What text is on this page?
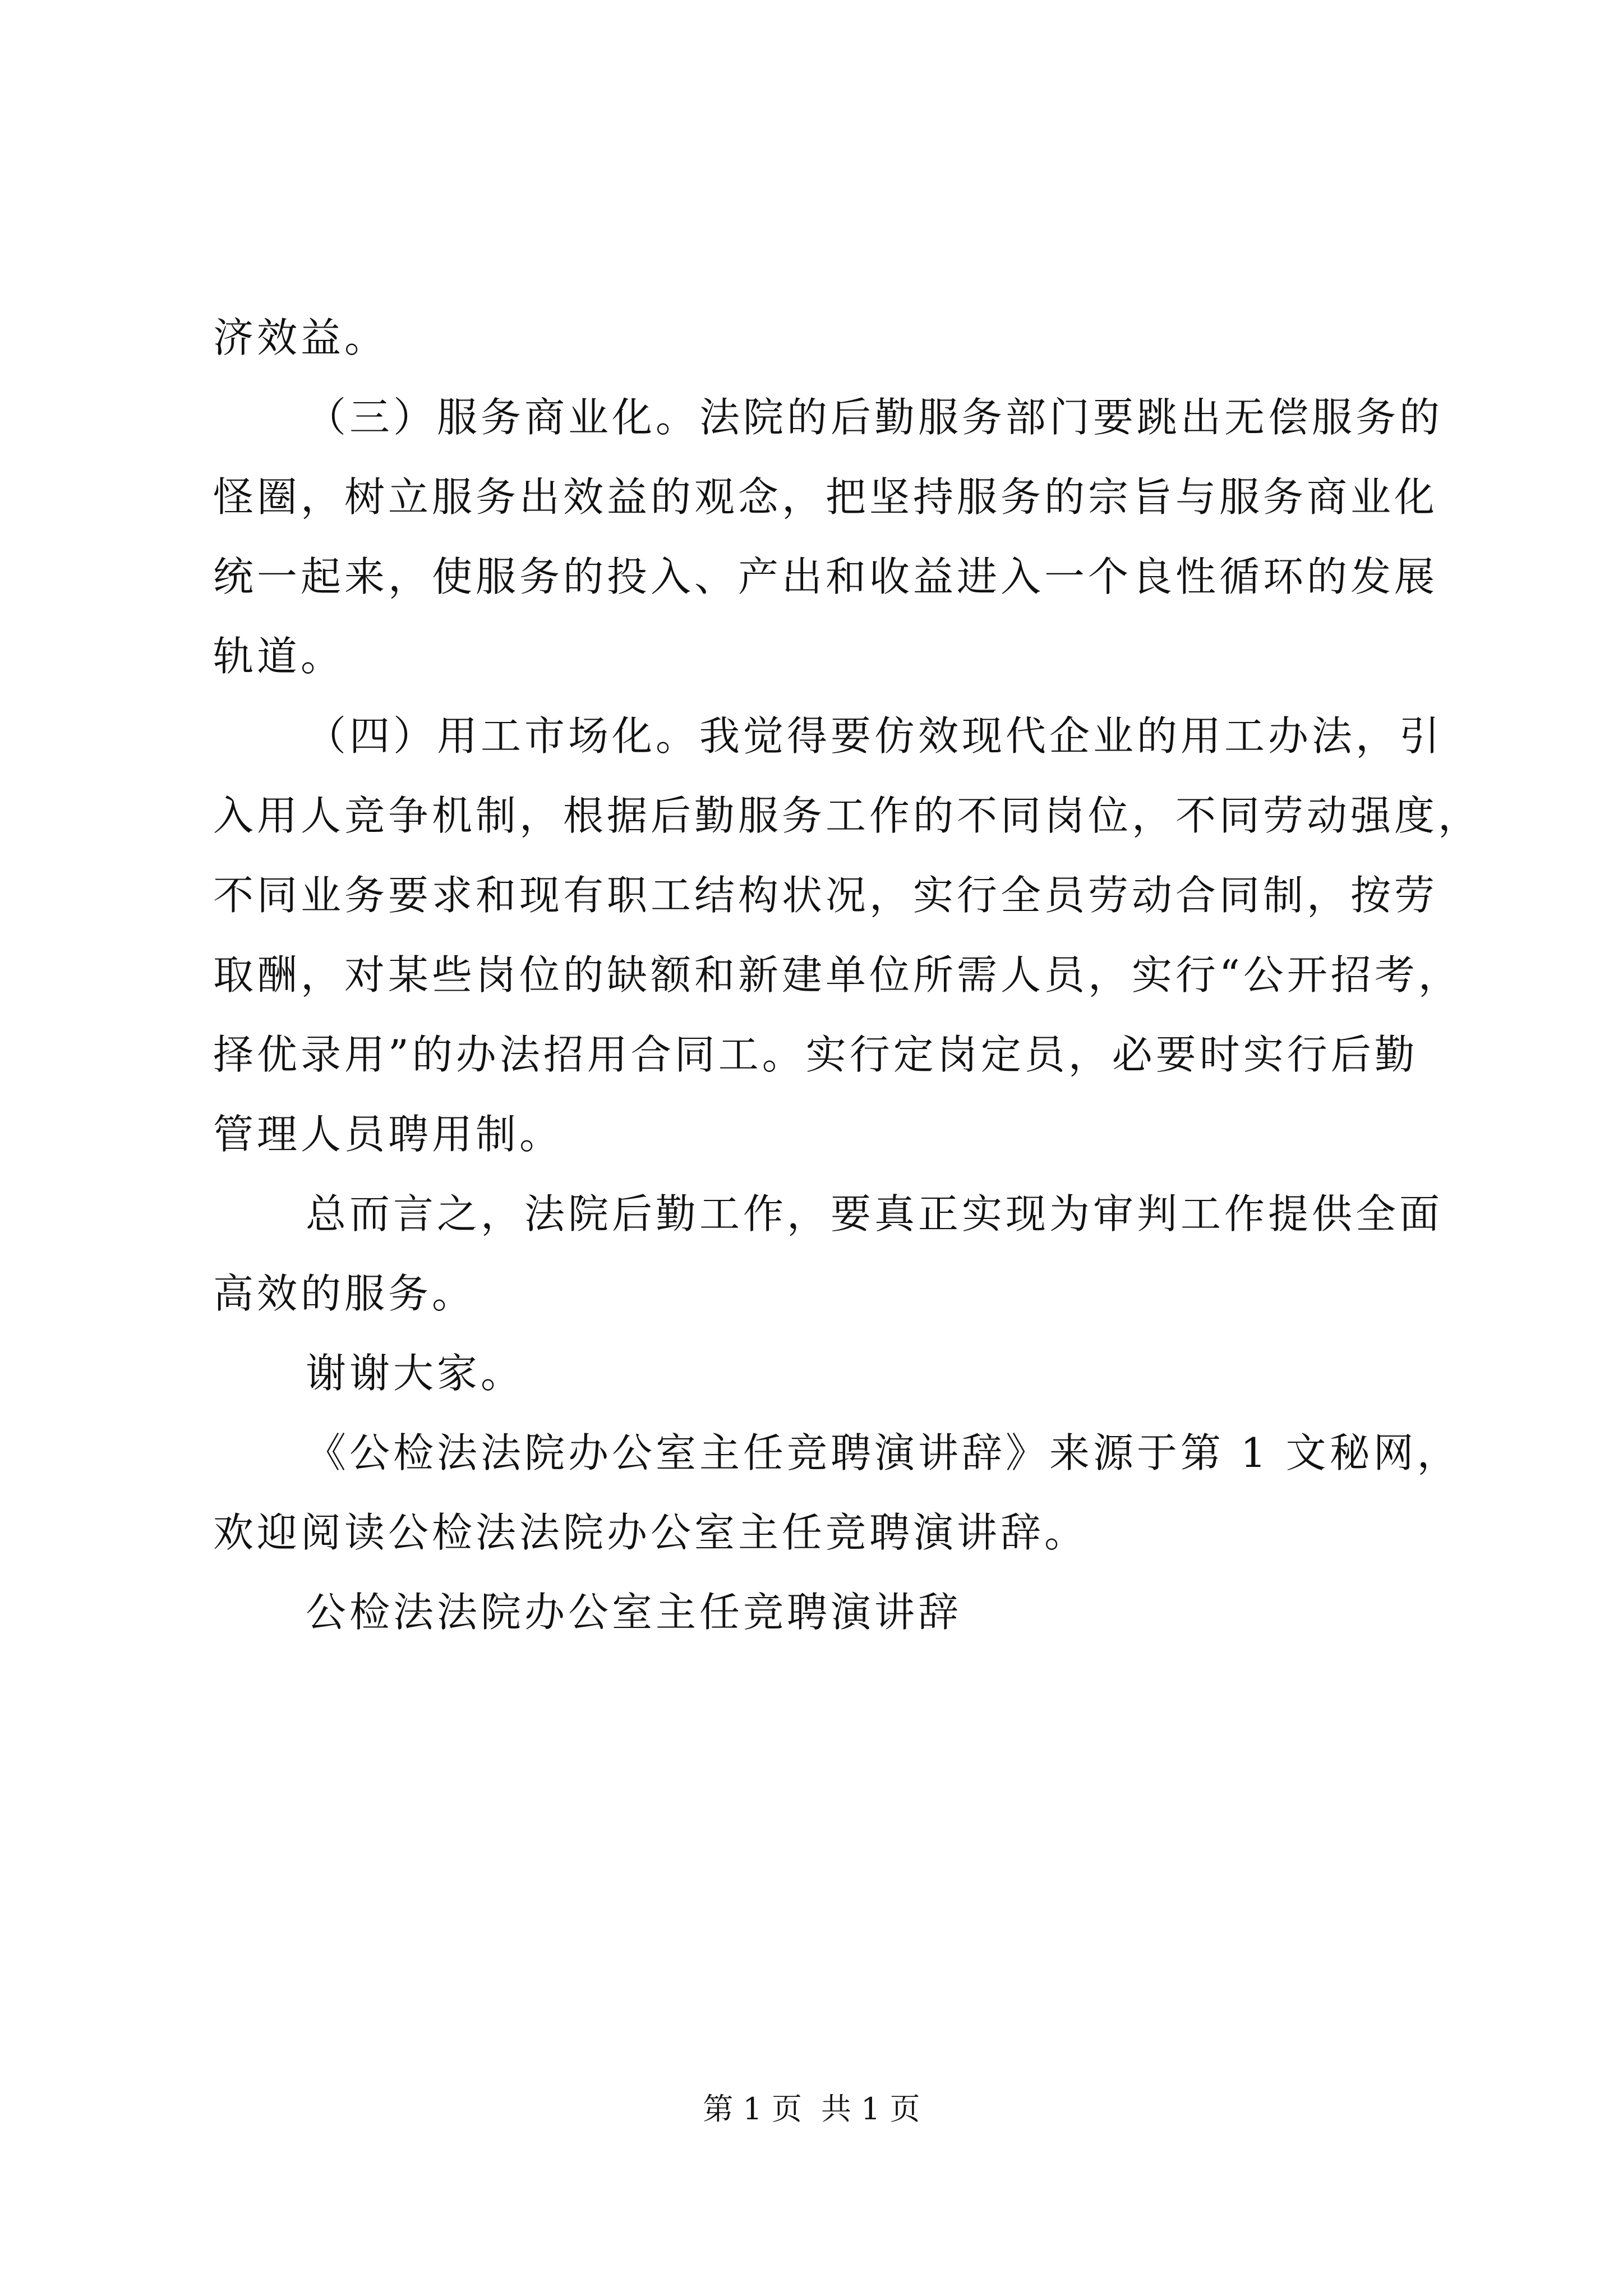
济效益。
（三）服务商业化。法院的后勤服务部门要跳出无偿服务的
怪圈，树立服务出效益的观念，把坚持服务的宗旨与服务商业化
统一起来，使服务的投入、产出和收益进入一个良性循环的发展
轨道。
（四）用工市场化。我觉得要仿效现代企业的用工办法，引
入用人竞争机制，根据后勤服务工作的不同岗位，不同劳动强度，
不同业务要求和现有职工结构状况，实行全员劳动合同制，按劳
取酬，对某些岗位的缺额和新建单位所需人员，实行“公开招考，
择优录用”的办法招用合同工。实行定岗定员，必要时实行后勤
管理人员聘用制。
总而言之，法院后勤工作，要真正实现为审判工作提供全面
高效的服务。
谢谢大家。
《公检法法院办公室主任竞聘演讲辞》来源于第 1 文秘网，
欢迎阅读公检法法院办公室主任竞聘演讲辞。
公检法法院办公室主任竞聘演讲辞
第 1 页 共 1 页
